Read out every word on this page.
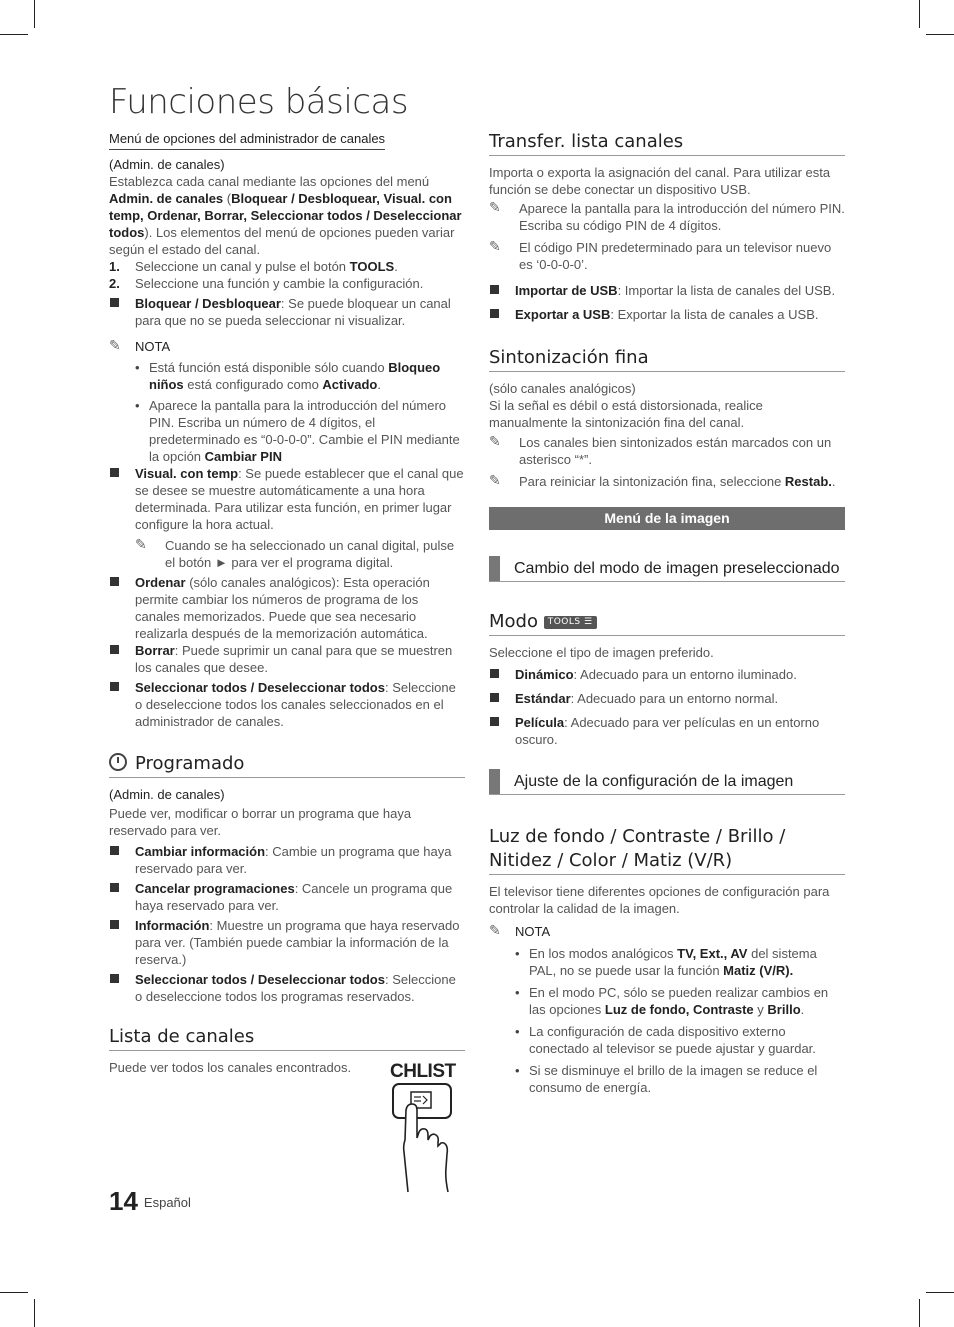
Funciones básicas
Menú de opciones del administrador de canales

(Admin. de canales)

Establezca cada canal mediante las opciones del menú Admin. de canales (Bloquear / Desbloquear, Visual. con temp, Ordenar, Borrar, Seleccionar todos / Deseleccionar todos). Los elementos del menú de opciones pueden variar según el estado del canal.

1. Seleccione un canal y pulse el botón TOOLS.
2. Seleccione una función y cambie la configuración.
Bloquear / Desbloquear: Se puede bloquear un canal para que no se pueda seleccionar ni visualizar.
✎ NOTA
• Está función está disponible sólo cuando Bloqueo niños está configurado como Activado.
• Aparece la pantalla para la introducción del número PIN. Escriba un número de 4 dígitos, el predeterminado es “0-0-0-0”. Cambie el PIN mediante la opción Cambiar PIN
Visual. con temp: Se puede establecer que el canal que se desee se muestre automáticamente a una hora determinada. Para utilizar esta función, en primer lugar configure la hora actual.
✎ Cuando se ha seleccionado un canal digital, pulse el botón ► para ver el programa digital.
Ordenar (sólo canales analógicos): Esta operación permite cambiar los números de programa de los canales memorizados. Puede que sea necesario realizarla después de la memorización automática.
Borrar: Puede suprimir un canal para que se muestren los canales que desee.
Seleccionar todos / Deseleccionar todos: Seleccione o deseleccione todos los canales seleccionados en el administrador de canales.
Programado

(Admin. de canales)

Puede ver, modificar o borrar un programa que haya reservado para ver.

Cambiar información: Cambie un programa que haya reservado para ver.
Cancelar programaciones: Cancele un programa que haya reservado para ver.
Información: Muestre un programa que haya reservado para ver. (También puede cambiar la información de la reserva.)
Seleccionar todos / Deseleccionar todos: Seleccione o deseleccione todos los programas reservados.
Lista de canales

Puede ver todos los canales encontrados.	CHLIST
Transfer. lista canales

Importa o exporta la asignación del canal. Para utilizar esta función se debe conectar un dispositivo USB.

✎ Aparece la pantalla para la introducción del número PIN. Escriba su código PIN de 4 dígitos.
✎ El código PIN predeterminado para un televisor nuevo es ‘0-0-0-0’.
Importar de USB: Importar la lista de canales del USB.
Exportar a USB: Exportar la lista de canales a USB.
Sintonización fina

(sólo canales analógicos)

Si la señal es débil o está distorsionada, realice manualmente la sintonización fina del canal.

✎ Los canales bien sintonizados están marcados con un asterisco “*”.
✎ Para reiniciar la sintonización fina, seleccione Restab..
Menú de la imagen
Cambio del modo de imagen preseleccionado
Modo TOOLS ☰

Seleccione el tipo de imagen preferido.

Dinámico: Adecuado para un entorno iluminado.
Estándar: Adecuado para un entorno normal.
Película: Adecuado para ver películas en un entorno oscuro.
Ajuste de la configuración de la imagen
Luz de fondo / Contraste / Brillo / Nitidez / Color / Matiz (V/R)

El televisor tiene diferentes opciones de configuración para controlar la calidad de la imagen.

✎ NOTA
• En los modos analógicos TV, Ext., AV del sistema PAL, no se puede usar la función Matiz (V/R).
• En el modo PC, sólo se pueden realizar cambios en las opciones Luz de fondo, Contraste y Brillo.
• La configuración de cada dispositivo externo conectado al televisor se puede ajustar y guardar.
• Si se disminuye el brillo de la imagen se reduce el consumo de energía.
14 Español
